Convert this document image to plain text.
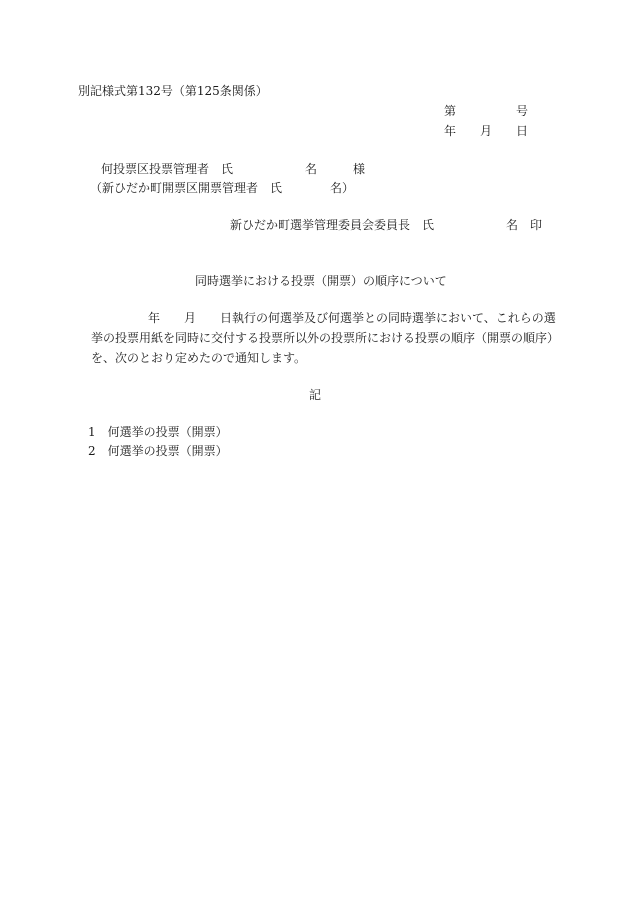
別記様式第132号（第125条関係）
第	号
年 月 日
何投票区投票管理者　氏　　　　　　名　　　様
（新ひだか町開票区開票管理者　氏　　　　名）
新ひだか町選挙管理委員会委員長　氏　　　　　　名　印
同時選挙における投票（開票）の順序について
年　　月　　日執行の何選挙及び何選挙との同時選挙において、これらの選
挙の投票用紙を同時に交付する投票所以外の投票所における投票の順序（開票の順序）
を、次のとおり定めたので通知します。
記
1　何選挙の投票（開票）
2　何選挙の投票（開票）
